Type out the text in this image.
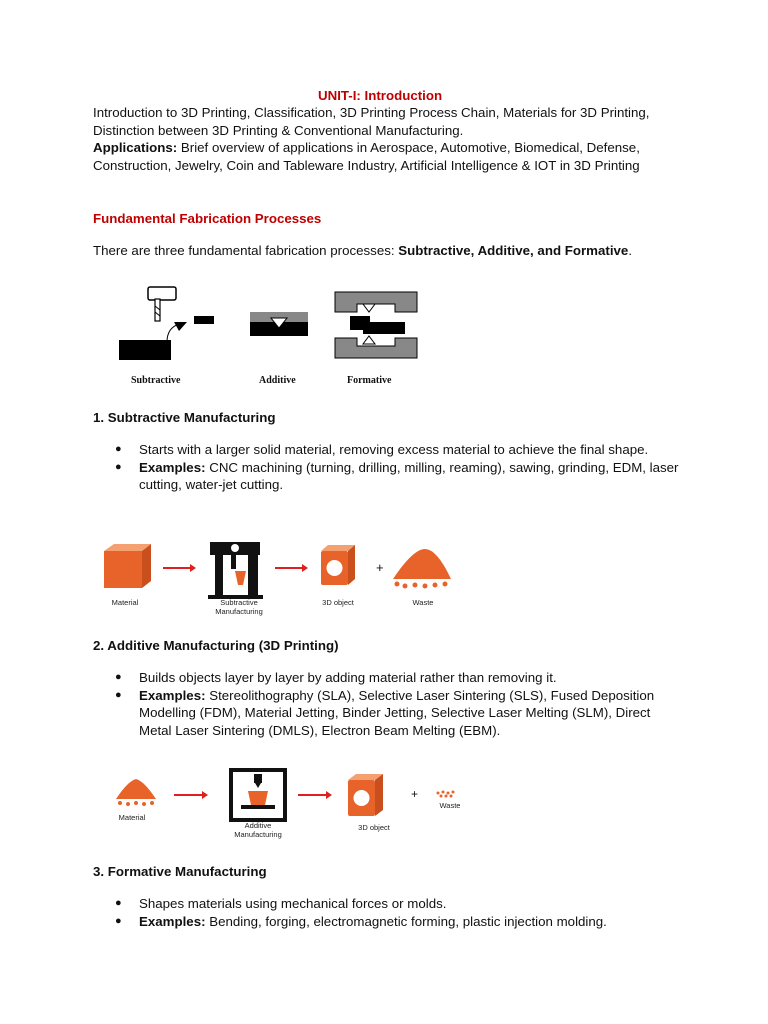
UNIT-I: Introduction
Introduction to 3D Printing, Classification, 3D Printing Process Chain, Materials for 3D Printing, Distinction between 3D Printing & Conventional Manufacturing.
Applications: Brief overview of applications in Aerospace, Automotive, Biomedical, Defense, Construction, Jewelry, Coin and Tableware Industry, Artificial Intelligence & IOT in 3D Printing
Fundamental Fabrication Processes
There are three fundamental fabrication processes: Subtractive, Additive, and Formative.
Subtractive	Additive	Formative
1. Subtractive Manufacturing
● Starts with a larger solid material, removing excess material to achieve the final shape.
● Examples: CNC machining (turning, drilling, milling, reaming), sawing, grinding, EDM, laser cutting, water-jet cutting.
Material	Subtractive
Manufacturing
3D object
+
Waste
2. Additive Manufacturing (3D Printing)
● Builds objects layer by layer by adding material rather than removing it.
● Examples: Stereolithography (SLA), Selective Laser Sintering (SLS), Fused Deposition Modelling (FDM), Material Jetting, Binder Jetting, Selective Laser Melting (SLM), Direct Metal Laser Sintering (DMLS), Electron Beam Melting (EBM).
Material
Additive
Manufacturing
3D object
+
Waste
3. Formative Manufacturing
● Shapes materials using mechanical forces or molds.
● Examples: Bending, forging, electromagnetic forming, plastic injection molding.
